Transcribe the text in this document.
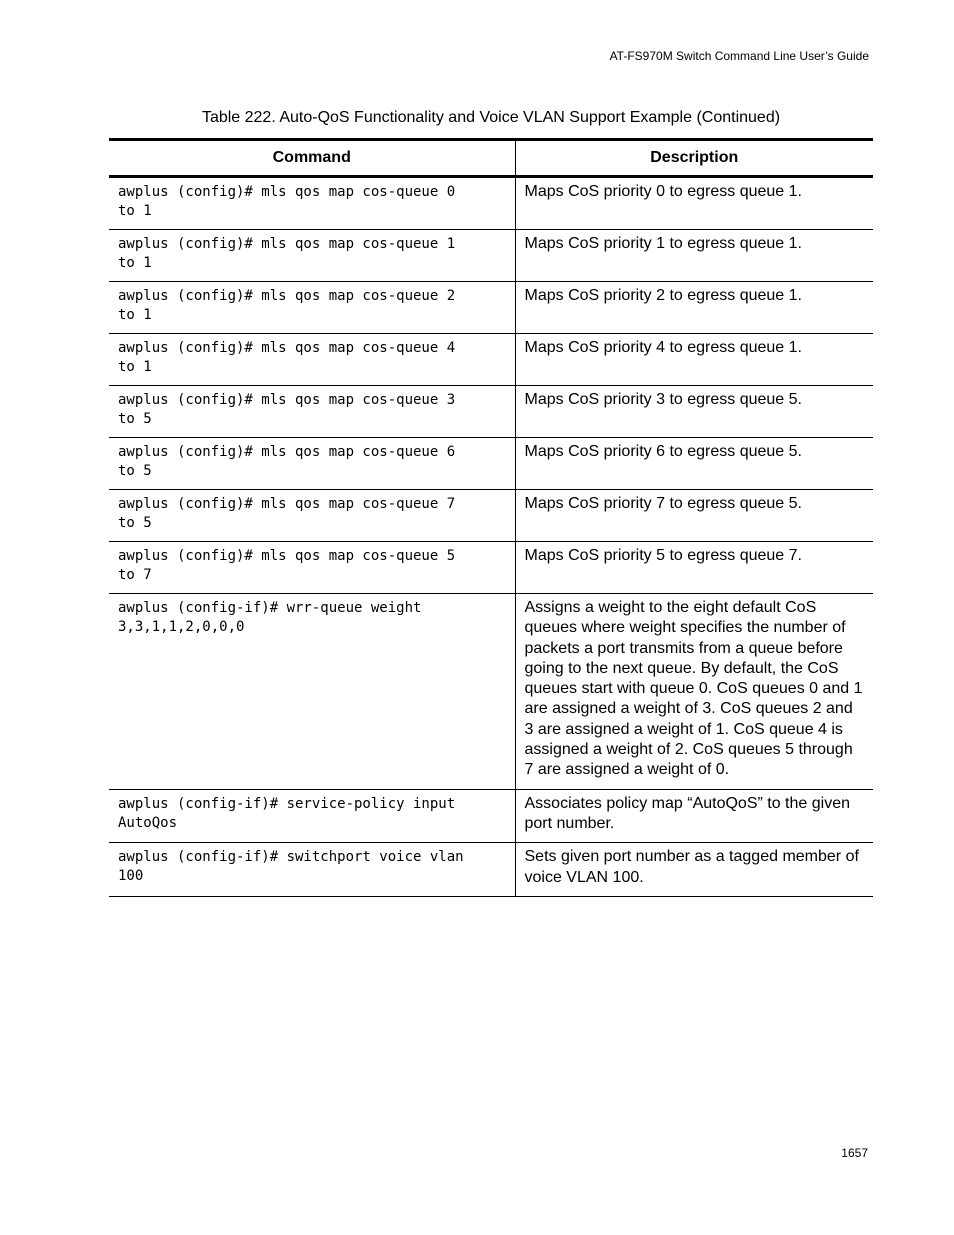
AT-FS970M Switch Command Line User’s Guide
Table 222. Auto-QoS Functionality and Voice VLAN Support Example (Continued)
Command	Description
awplus (config)# mls qos map cos-queue 0
to 1	Maps CoS priority 0 to egress queue 1.
awplus (config)# mls qos map cos-queue 1
to 1	Maps CoS priority 1 to egress queue 1.
awplus (config)# mls qos map cos-queue 2
to 1	Maps CoS priority 2 to egress queue 1.
awplus (config)# mls qos map cos-queue 4
to 1	Maps CoS priority 4 to egress queue 1.
awplus (config)# mls qos map cos-queue 3
to 5	Maps CoS priority 3 to egress queue 5.
awplus (config)# mls qos map cos-queue 6
to 5	Maps CoS priority 6 to egress queue 5.
awplus (config)# mls qos map cos-queue 7
to 5	Maps CoS priority 7 to egress queue 5.
awplus (config)# mls qos map cos-queue 5
to 7	Maps CoS priority 5 to egress queue 7.
awplus (config-if)# wrr-queue weight
3,3,1,1,2,0,0,0	Assigns a weight to the eight default CoS queues where weight specifies the number of packets a port transmits from a queue before going to the next queue. By default, the CoS queues start with queue 0. CoS queues 0 and 1 are assigned a weight of 3. CoS queues 2 and 3 are assigned a weight of 1. CoS queue 4 is assigned a weight of 2. CoS queues 5 through 7 are assigned a weight of 0.
awplus (config-if)# service-policy input
AutoQos	Associates policy map “AutoQoS” to the given port number.
awplus (config-if)# switchport voice vlan
100	Sets given port number as a tagged member of voice VLAN 100.
1657
